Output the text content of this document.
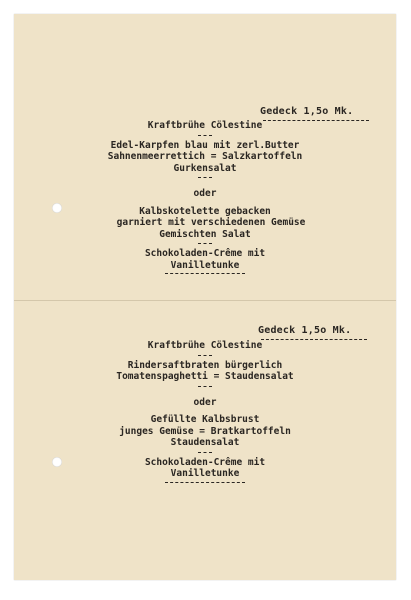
Gedeck 1,5o Mk.
Kraftbrühe Cölestine
Edel-Karpfen blau mit zerl.Butter
Sahnenmeerrettich = Salzkartoffeln
Gurkensalat
oder
Kalbskotelette gebacken
garniert mit verschiedenen Gemüse
Gemischten Salat
Schokoladen-Crême mit
Vanilletunke
Gedeck 1,5o Mk.
Kraftbrühe Cölestine
Rindersaftbraten bürgerlich
Tomatenspaghetti = Staudensalat
oder
Gefüllte Kalbsbrust
junges Gemüse = Bratkartoffeln
Staudensalat
Schokoladen-Crême mit
Vanilletunke
